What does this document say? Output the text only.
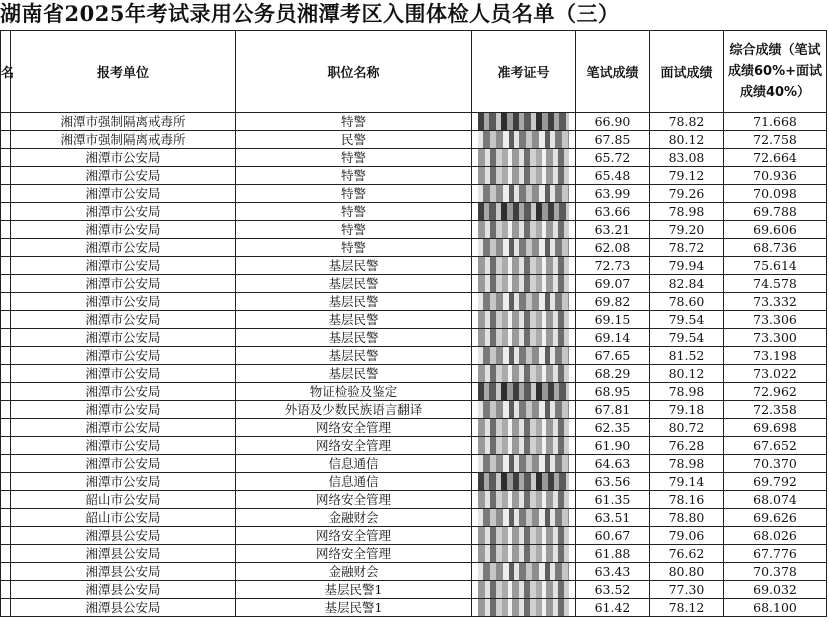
湖南省2025年考试录用公务员湘潭考区入围体检人员名单（三）
名	报考单位	职位名称	准考证号	笔试成绩	面试成绩	综合成绩（笔试成绩60%+面试成绩40%）
	湘潭市强制隔离戒毒所	特警		66.90	78.82	71.668
	湘潭市强制隔离戒毒所	民警		67.85	80.12	72.758
	湘潭市公安局	特警		65.72	83.08	72.664
	湘潭市公安局	特警		65.48	79.12	70.936
	湘潭市公安局	特警		63.99	79.26	70.098
	湘潭市公安局	特警		63.66	78.98	69.788
	湘潭市公安局	特警		63.21	79.20	69.606
	湘潭市公安局	特警		62.08	78.72	68.736
	湘潭市公安局	基层民警		72.73	79.94	75.614
	湘潭市公安局	基层民警		69.07	82.84	74.578
	湘潭市公安局	基层民警		69.82	78.60	73.332
	湘潭市公安局	基层民警		69.15	79.54	73.306
	湘潭市公安局	基层民警		69.14	79.54	73.300
	湘潭市公安局	基层民警		67.65	81.52	73.198
	湘潭市公安局	基层民警		68.29	80.12	73.022
	湘潭市公安局	物证检验及鉴定		68.95	78.98	72.962
	湘潭市公安局	外语及少数民族语言翻译		67.81	79.18	72.358
	湘潭市公安局	网络安全管理		62.35	80.72	69.698
	湘潭市公安局	网络安全管理		61.90	76.28	67.652
	湘潭市公安局	信息通信		64.63	78.98	70.370
	湘潭市公安局	信息通信		63.56	79.14	69.792
	韶山市公安局	网络安全管理		61.35	78.16	68.074
	韶山市公安局	金融财会		63.51	78.80	69.626
	湘潭县公安局	网络安全管理		60.67	79.06	68.026
	湘潭县公安局	网络安全管理		61.88	76.62	67.776
	湘潭县公安局	金融财会		63.43	80.80	70.378
	湘潭县公安局	基层民警1		63.52	77.30	69.032
	湘潭县公安局	基层民警1		61.42	78.12	68.100
